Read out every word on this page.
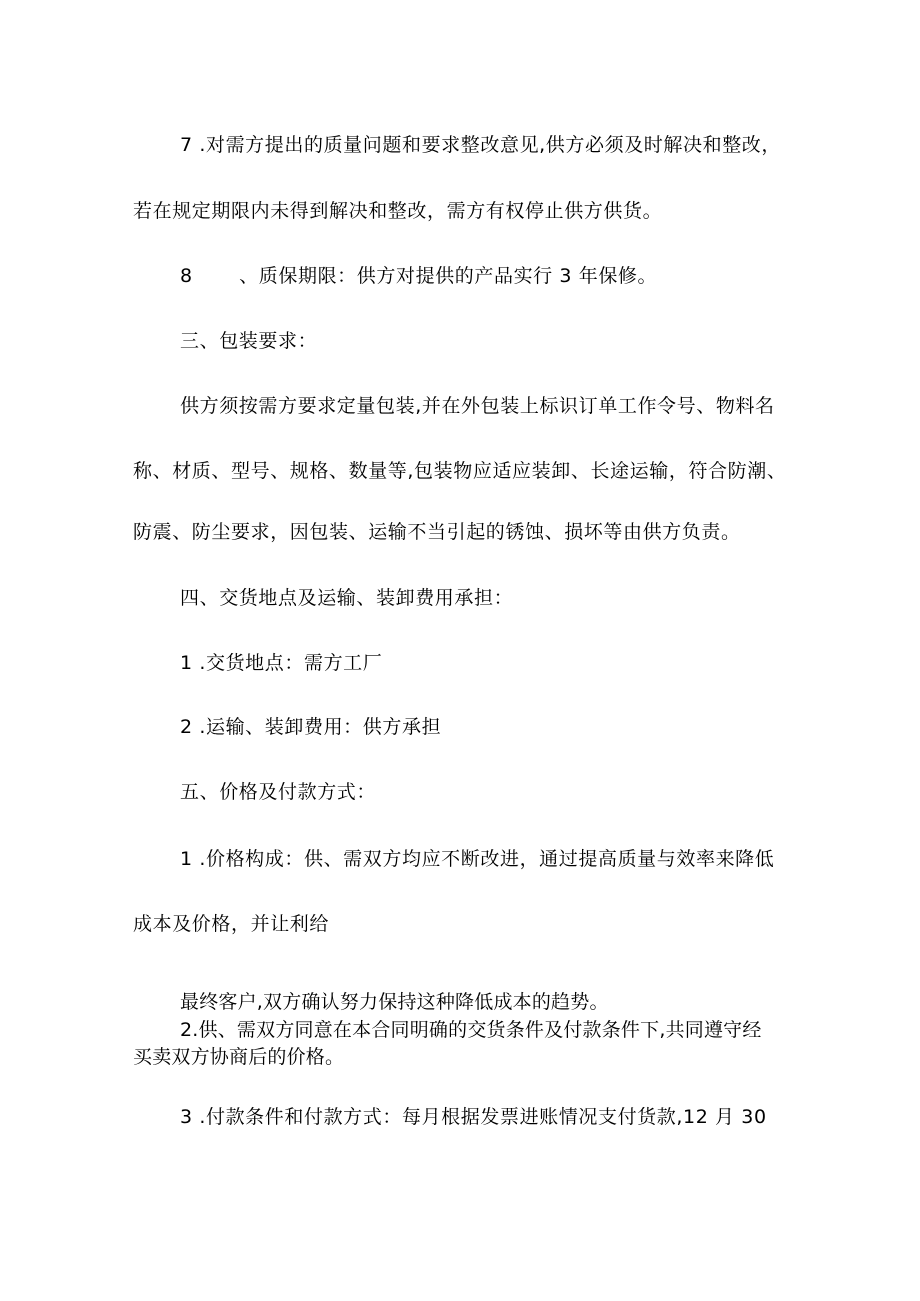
7 .对需方提出的质量问题和要求整改意见,供方必须及时解决和整改，

若在规定期限内未得到解决和整改，需方有权停止供方供货。

8       、质保期限：供方对提供的产品实行 3 年保修。

三、包装要求：

供方须按需方要求定量包装,并在外包装上标识订单工作令号、物料名

称、材质、型号、规格、数量等,包装物应适应装卸、长途运输，符合防潮、

防震、防尘要求，因包装、运输不当引起的锈蚀、损坏等由供方负责。

四、交货地点及运输、装卸费用承担：

1 .交货地点：需方工厂

2 .运输、装卸费用：供方承担

五、价格及付款方式：

1 .价格构成：供、需双方均应不断改进，通过提高质量与效率来降低

成本及价格，并让利给

最终客户,双方确认努力保持这种降低成本的趋势。

2.供、需双方同意在本合同明确的交货条件及付款条件下,共同遵守经

买卖双方协商后的价格。

3 .付款条件和付款方式：每月根据发票进账情况支付货款,12 月 30
